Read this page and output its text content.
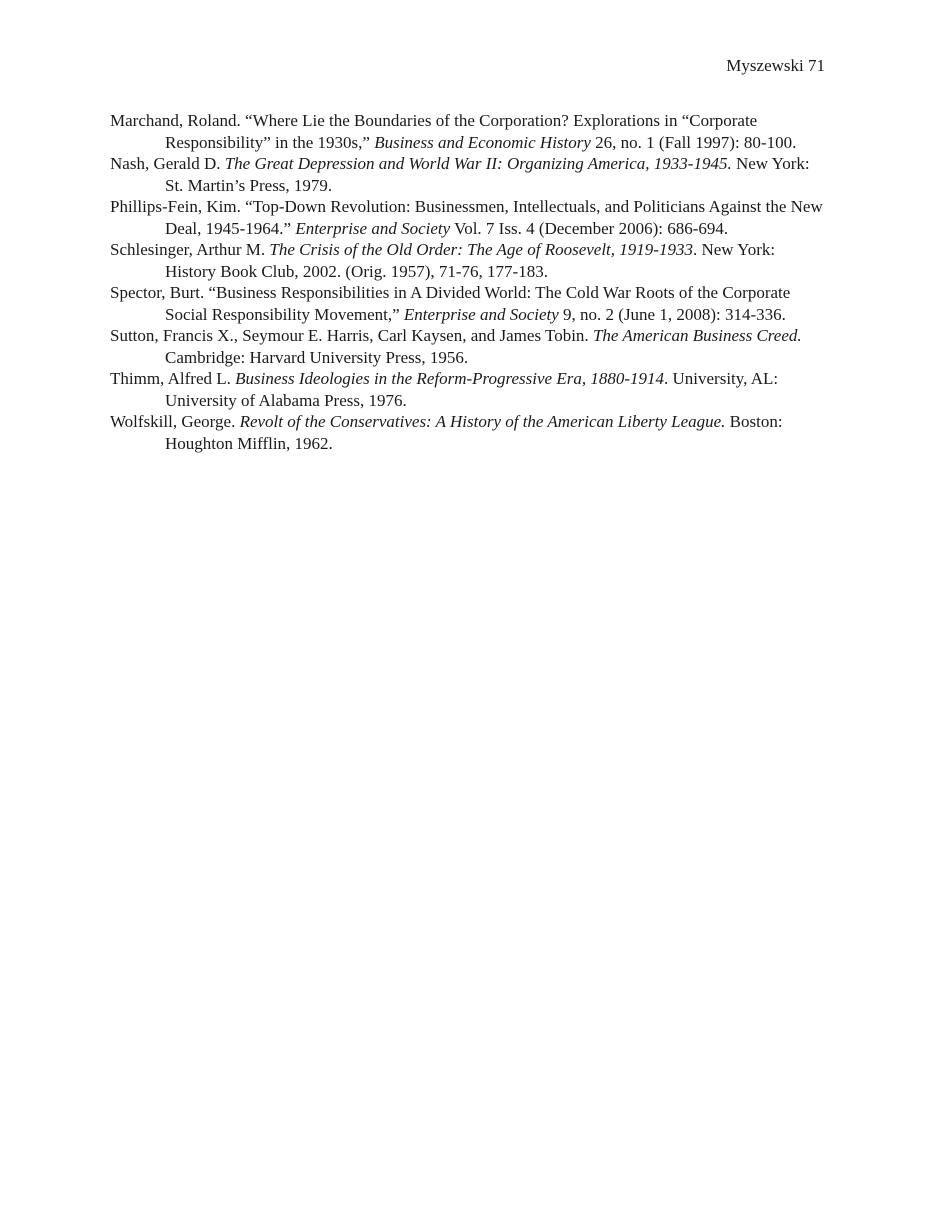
Myszewski 71

Marchand, Roland. “Where Lie the Boundaries of the Corporation? Explorations in “Corporate Responsibility” in the 1930s,” Business and Economic History 26, no. 1 (Fall 1997): 80-100.

Nash, Gerald D. The Great Depression and World War II: Organizing America, 1933-1945. New York: St. Martin’s Press, 1979.

Phillips-Fein, Kim. “Top-Down Revolution: Businessmen, Intellectuals, and Politicians Against the New Deal, 1945-1964.” Enterprise and Society Vol. 7 Iss. 4 (December 2006): 686-694.

Schlesinger, Arthur M. The Crisis of the Old Order: The Age of Roosevelt, 1919-1933. New York: History Book Club, 2002. (Orig. 1957), 71-76, 177-183.

Spector, Burt. “Business Responsibilities in A Divided World: The Cold War Roots of the Corporate Social Responsibility Movement,” Enterprise and Society 9, no. 2 (June 1, 2008): 314-336.

Sutton, Francis X., Seymour E. Harris, Carl Kaysen, and James Tobin. The American Business Creed. Cambridge: Harvard University Press, 1956.

Thimm, Alfred L. Business Ideologies in the Reform-Progressive Era, 1880-1914. University, AL: University of Alabama Press, 1976.

Wolfskill, George. Revolt of the Conservatives: A History of the American Liberty League. Boston: Houghton Mifflin, 1962.
